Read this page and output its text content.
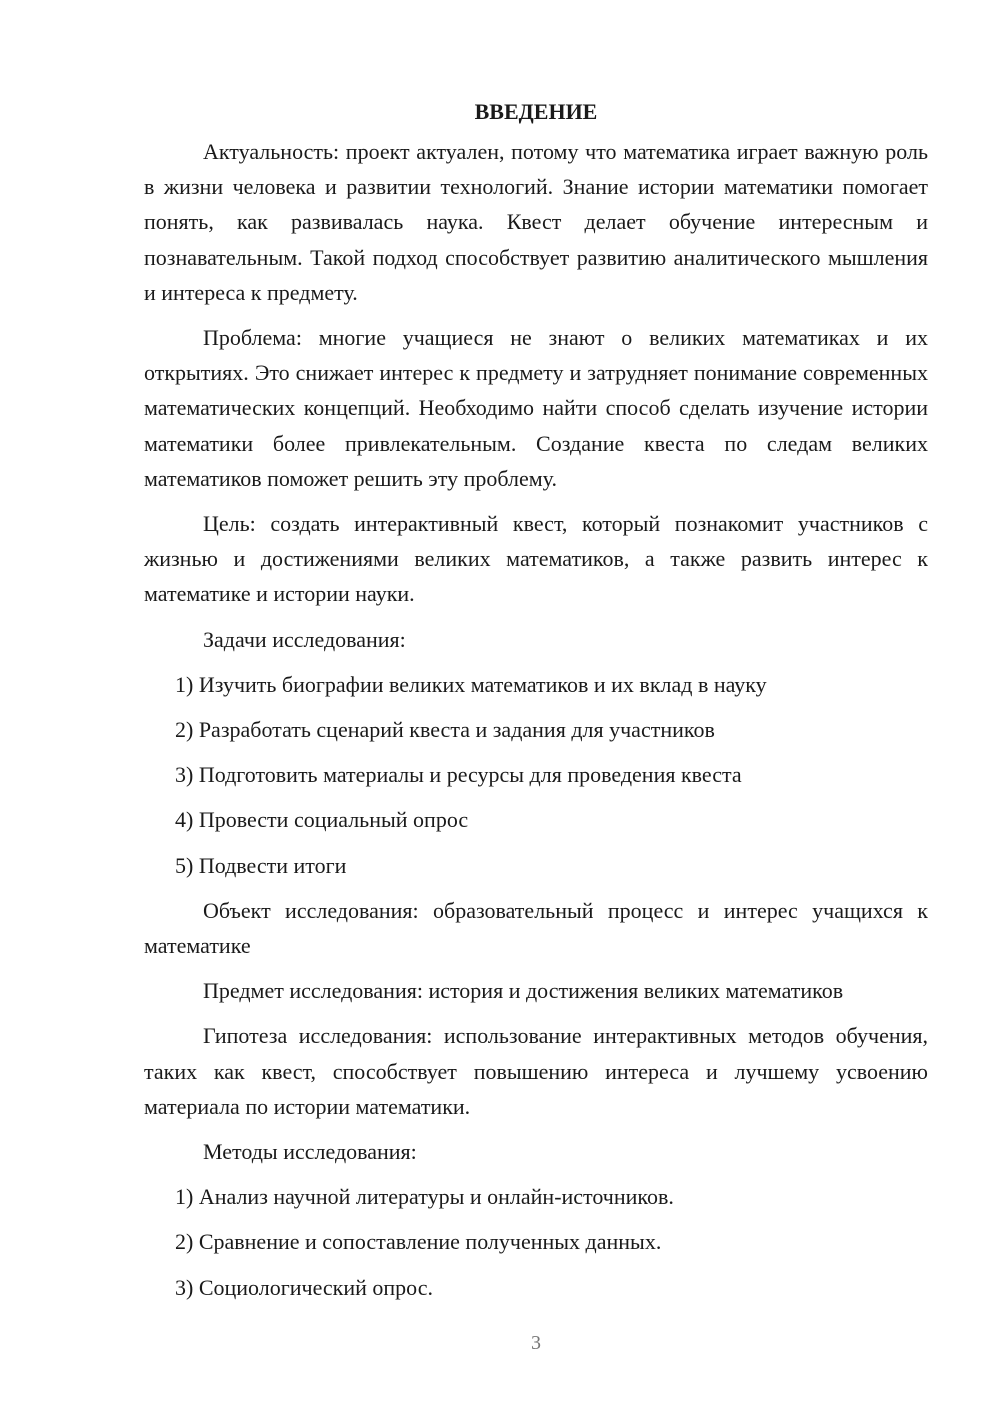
ВВЕДЕНИЕ
Актуальность: проект актуален, потому что математика играет важную роль в жизни человека и развитии технологий. Знание истории математики помогает понять, как развивалась наука. Квест делает обучение интересным и познавательным. Такой подход способствует развитию аналитического мышления и интереса к предмету.
Проблема: многие учащиеся не знают о великих математиках и их открытиях. Это снижает интерес к предмету и затрудняет понимание современных математических концепций. Необходимо найти способ сделать изучение истории математики более привлекательным. Создание квеста по следам великих математиков поможет решить эту проблему.
Цель: создать интерактивный квест, который познакомит участников с жизнью и достижениями великих математиков, а также развить интерес к математике и истории науки.
Задачи исследования:
1) Изучить биографии великих математиков и их вклад в науку
2) Разработать сценарий квеста и задания для участников
3) Подготовить материалы и ресурсы для проведения квеста
4) Провести социальный опрос
5) Подвести итоги
Объект исследования: образовательный процесс и интерес учащихся к математике
Предмет исследования: история и достижения великих математиков
Гипотеза исследования: использование интерактивных методов обучения, таких как квест, способствует повышению интереса и лучшему усвоению материала по истории математики.
Методы исследования:
1) Анализ научной литературы и онлайн-источников.
2) Сравнение и сопоставление полученных данных.
3) Социологический опрос.
3
